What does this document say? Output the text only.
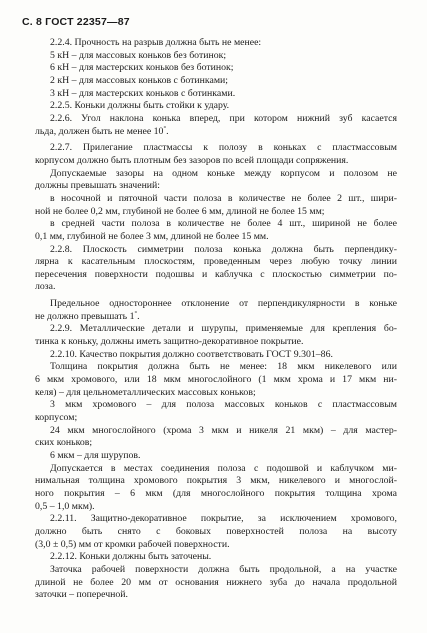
С. 8 ГОСТ 22357—87
2.2.4. Прочность на разрыв должна быть не менее:
5 кН – для массовых коньков без ботинок;
6 кН – для мастерских коньков без ботинок;
2 кН – для массовых коньков с ботинками;
3 кН – для мастерских коньков с ботинками.
2.2.5. Коньки должны быть стойки к удару.
2.2.6. Угол наклона конька вперед, при котором нижний зуб касается
льда, должен быть не менее 10°.
2.2.7. Прилегание пластмассы к полозу в коньках с пластмассовым
корпусом должно быть плотным без зазоров по всей площади сопряжения.
Допускаемые зазоры на одном коньке между корпусом и полозом не
должны превышать значений:
в носочной и пяточной части полоза в количестве не более 2 шт., шири-
ной не более 0,2 мм, глубиной не более 6 мм, длиной не более 15 мм;
в средней части полоза в количестве не более 4 шт., шириной не более
0,1 мм, глубиной не более 3 мм, длиной не более 15 мм.
2.2.8. Плоскость симметрии полоза конька должна быть перпендику-
лярна к касательным плоскостям, проведенным через любую точку линии
пересечения поверхности подошвы и каблучка с плоскостью симметрии по-
лоза.
Предельное одностороннее отклонение от перпендикулярности в коньке
не должно превышать 1°.
2.2.9. Металлические детали и шурупы, применяемые для крепления бо-
тинка к коньку, должны иметь защитно-декоративное покрытие.
2.2.10. Качество покрытия должно соответствовать ГОСТ 9.301–86.
Толщина покрытия должна быть не менее: 18 мкм никелевого или
6 мкм хромового, или 18 мкм многослойного (1 мкм хрома и 17 мкм ни-
келя) – для цельнометаллических массовых коньков;
3 мкм хромового – для полоза массовых коньков с пластмассовым
корпусом;
24 мкм многослойного (хрома 3 мкм и никеля 21 мкм) – для мастер-
ских коньков;
6 мкм – для шурупов.
Допускается в местах соединения полоза с подошвой и каблучком ми-
нимальная толщина хромового покрытия 3 мкм, никелевого и многослой-
ного покрытия – 6 мкм (для многослойного покрытия толщина хрома
0,5 – 1,0 мкм).
2.2.11. Защитно-декоративное покрытие, за исключением хромового,
должно быть снято с боковых поверхностей полоза на высоту
(3,0 ± 0,5) мм от кромки рабочей поверхности.
2.2.12. Коньки должны быть заточены.
Заточка рабочей поверхности должна быть продольной, а на участке
длиной не более 20 мм от основания нижнего зуба до начала продольной
заточки – поперечной.
